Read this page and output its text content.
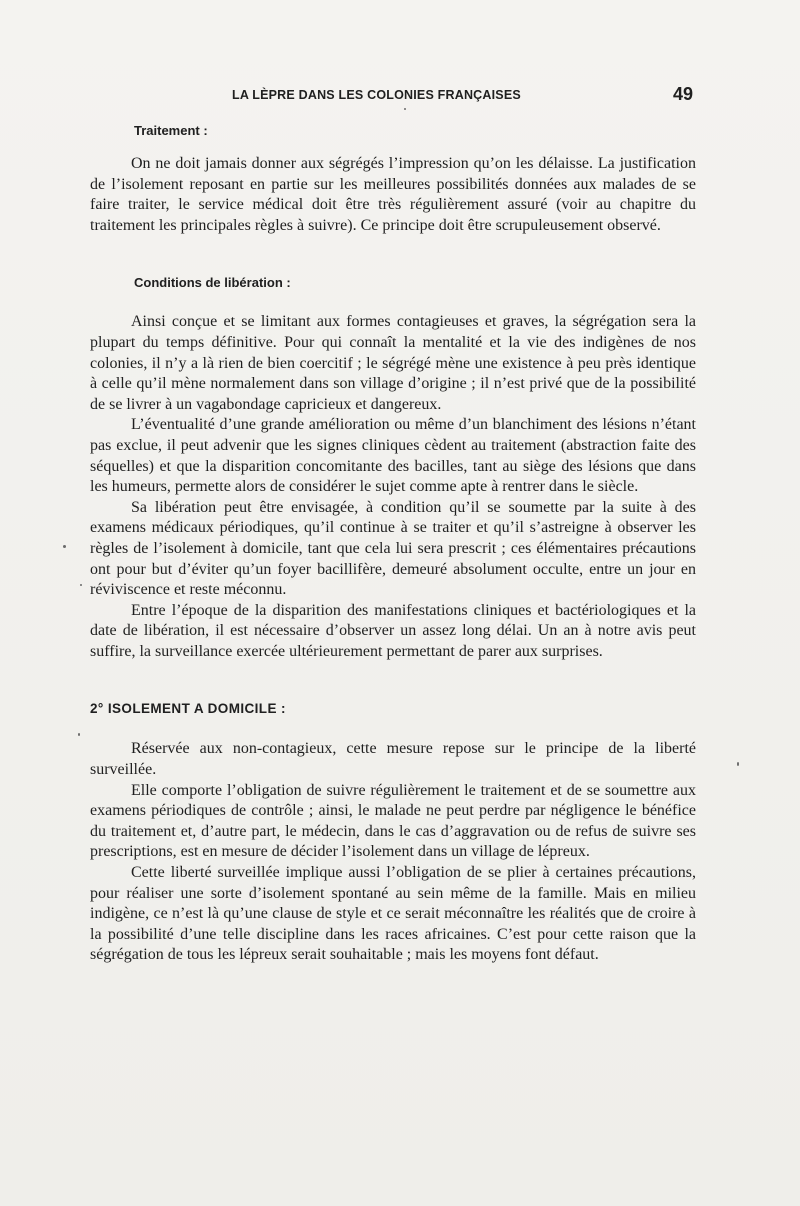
LA LÈPRE DANS LES COLONIES FRANÇAISES	49
Traitement :

On ne doit jamais donner aux ségrégés l’impression qu’on les délaisse. La justification de l’isolement reposant en partie sur les meilleures possibilités données aux malades de se faire traiter, le service médical doit être très régulièrement assuré (voir au chapitre du traitement les principales règles à suivre). Ce principe doit être scrupuleusement observé.

Conditions de libération :

Ainsi conçue et se limitant aux formes contagieuses et graves, la ségrégation sera la plupart du temps définitive. Pour qui connaît la mentalité et la vie des indigènes de nos colonies, il n’y a là rien de bien coercitif ; le ségrégé mène une existence à peu près identique à celle qu’il mène normalement dans son village d’origine ; il n’est privé que de la possibilité de se livrer à un vagabondage capricieux et dangereux.

L’éventualité d’une grande amélioration ou même d’un blanchiment des lésions n’étant pas exclue, il peut advenir que les signes cliniques cèdent au traitement (abstraction faite des séquelles) et que la disparition concomitante des bacilles, tant au siège des lésions que dans les humeurs, permette alors de considérer le sujet comme apte à rentrer dans le siècle.

Sa libération peut être envisagée, à condition qu’il se soumette par la suite à des examens médicaux périodiques, qu’il continue à se traiter et qu’il s’astreigne à observer les règles de l’isolement à domicile, tant que cela lui sera prescrit ; ces élémentaires précautions ont pour but d’éviter qu’un foyer bacillifère, demeuré absolument occulte, entre un jour en réviviscence et reste méconnu.

Entre l’époque de la disparition des manifestations cliniques et bactériologiques et la date de libération, il est nécessaire d’observer un assez long délai. Un an à notre avis peut suffire, la surveillance exercée ultérieurement permettant de parer aux surprises.

2° ISOLEMENT A DOMICILE :

Réservée aux non-contagieux, cette mesure repose sur le principe de la liberté surveillée.

Elle comporte l’obligation de suivre régulièrement le traitement et de se soumettre aux examens périodiques de contrôle ; ainsi, le malade ne peut perdre par négligence le bénéfice du traitement et, d’autre part, le médecin, dans le cas d’aggravation ou de refus de suivre ses prescriptions, est en mesure de décider l’isolement dans un village de lépreux.

Cette liberté surveillée implique aussi l’obligation de se plier à certaines précautions, pour réaliser une sorte d’isolement spontané au sein même de la famille. Mais en milieu indigène, ce n’est là qu’une clause de style et ce serait méconnaître les réalités que de croire à la possibilité d’une telle discipline dans les races africaines. C’est pour cette raison que la ségrégation de tous les lépreux serait souhaitable ; mais les moyens font défaut.
